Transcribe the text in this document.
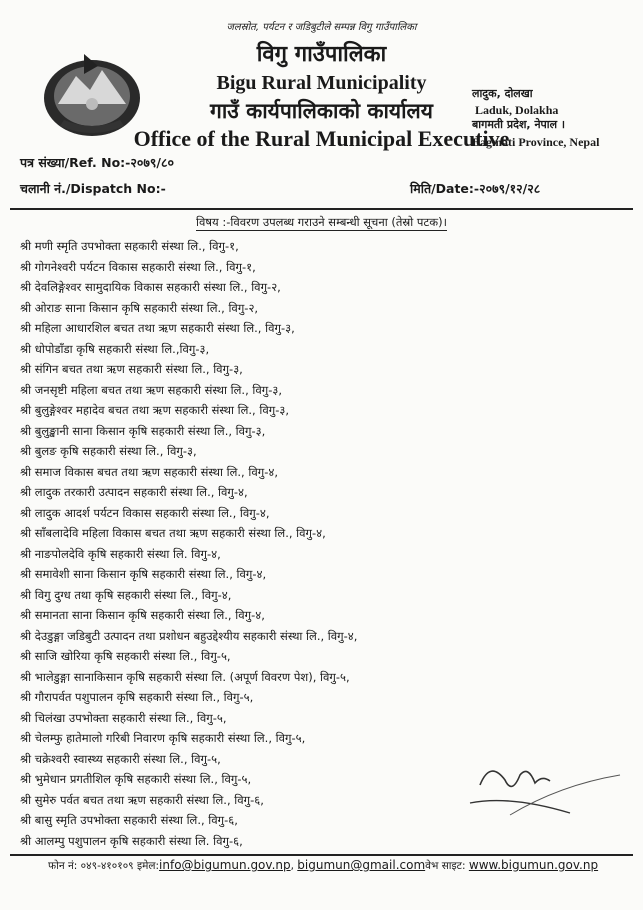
जलस्रोत, पर्यटन र जडिबुटीले सम्पन्न विगु गाउँपालिका
विगु गाउँपालिका
Bigu Rural Municipality
गाउँ कार्यपालिकाको कार्यालय
Office of the Rural Municipal Executive
लादुक, दोलखा
Laduk, Dolakha
बागमती प्रदेश, नेपाल ।
Bagmati Province, Nepal
पत्र संख्या/Ref. No:-२०७९/८०
चलानी नं./Dispatch No:-	मिति/Date:-२०७९/१२/२८
विषय :-विवरण उपलब्ध गराउने सम्बन्धी सूचना (तेस्रो पटक)।
श्री मणी स्मृति उपभोक्ता सहकारी संस्था लि., विगु-१,
श्री गोगनेश्वरी पर्यटन विकास सहकारी संस्था लि., विगु-१,
श्री देवलिङ्गेश्वर सामुदायिक विकास सहकारी संस्था लि., विगु-२,
श्री ओराङ साना किसान कृषि सहकारी संस्था लि., विगु-२,
श्री महिला आधारशिल बचत तथा ऋण सहकारी संस्था लि., विगु-३,
श्री धोपोडाँडा कृषि सहकारी संस्था लि.,विगु-३,
श्री संगिन बचत तथा ऋण सहकारी संस्था लि., विगु-३,
श्री जनसृष्टी महिला बचत तथा ऋण सहकारी संस्था लि., विगु-३,
श्री बुलुङ्गेश्वर महादेव बचत तथा ऋण सहकारी संस्था लि., विगु-३,
श्री बुलुङ्खानी साना किसान कृषि सहकारी संस्था लि., विगु-३,
श्री बुलङ कृषि सहकारी संस्था लि., विगु-३,
श्री समाज विकास बचत तथा ऋण सहकारी संस्था लि., विगु-४,
श्री लादुक तरकारी उत्पादन सहकारी संस्था लि., विगु-४,
श्री लादुक आदर्श पर्यटन विकास सहकारी संस्था लि., विगु-४,
श्री साँबलादेवि महिला विकास बचत तथा ऋण सहकारी संस्था लि., विगु-४,
श्री नाङपोलदेवि कृषि सहकारी संस्था लि. विगु-४,
श्री समावेशी साना किसान कृषि सहकारी संस्था लि., विगु-४,
श्री विगु दुग्ध तथा कृषि सहकारी संस्था लि., विगु-४,
श्री समानता साना किसान कृषि सहकारी संस्था लि., विगु-४,
श्री देउडुङ्गा जडिबुटी उत्पादन तथा प्रशोधन बहुउद्देश्यीय सहकारी संस्था लि., विगु-४,
श्री साजि खोरिया कृषि सहकारी संस्था लि., विगु-५,
श्री भालेडुङ्गा सानाकिसान कृषि सहकारी संस्था लि. (अपूर्ण विवरण पेश), विगु-५,
श्री गौरापर्वत पशुपालन कृषि सहकारी संस्था लि., विगु-५,
श्री चिलंखा उपभोक्ता सहकारी संस्था लि., विगु-५,
श्री चेलम्फु हातेमालो गरिबी निवारण कृषि सहकारी संस्था लि., विगु-५,
श्री चक्रेश्वरी स्वास्थ्य सहकारी संस्था लि., विगु-५,
श्री भुमेधान प्रगतीशिल कृषि सहकारी संस्था लि., विगु-५,
श्री सुमेरु पर्वत बचत तथा ऋण सहकारी संस्था लि., विगु-६,
श्री बासु स्मृति उपभोक्ता सहकारी संस्था लि., विगु-६,
श्री आलम्पु पशुपालन कृषि सहकारी संस्था लि. विगु-६,
फोन नं: ०४९-४१०१०९ इमेल:info@bigumun.gov.np, bigumun@gmail.comवेभ साइट: www.bigumun.gov.np
